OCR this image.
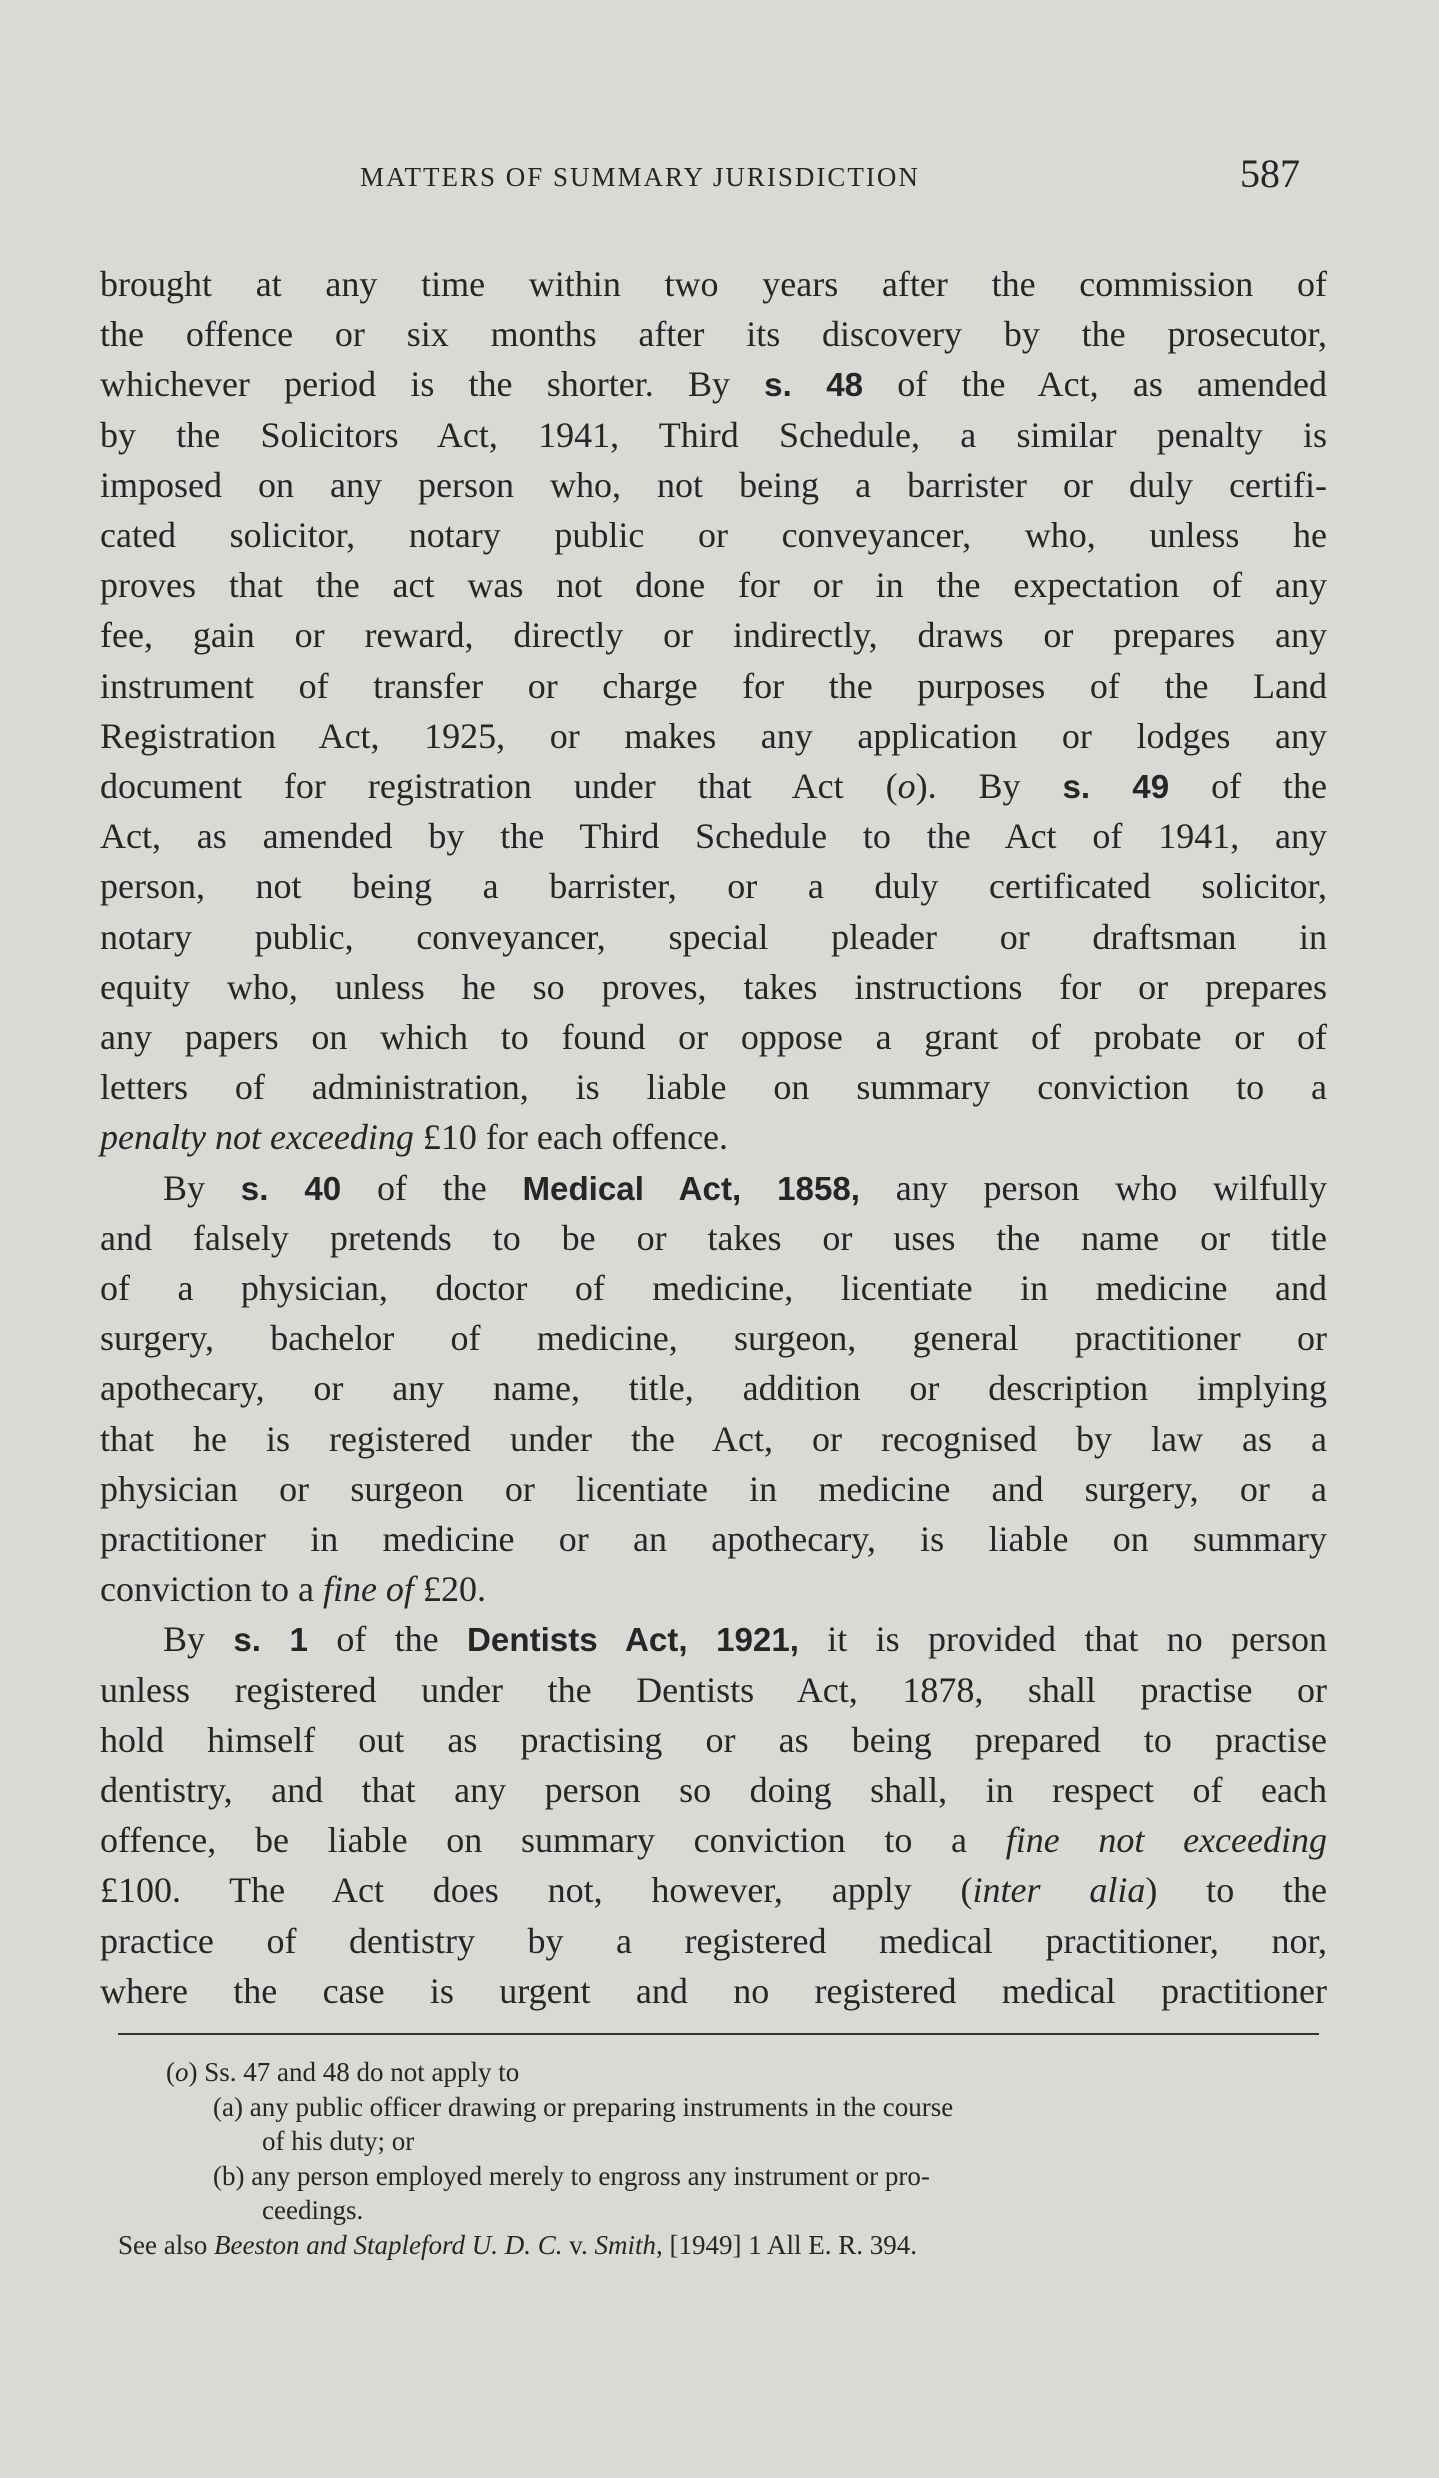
MATTERS OF SUMMARY JURISDICTION	587
brought at any time within two years after the commission of
the offence or six months after its discovery by the prosecutor,
whichever period is the shorter. By s. 48 of the Act, as amended
by the Solicitors Act, 1941, Third Schedule, a similar penalty is
imposed on any person who, not being a barrister or duly certifi-
cated solicitor, notary public or conveyancer, who, unless he
proves that the act was not done for or in the expectation of any
fee, gain or reward, directly or indirectly, draws or prepares any
instrument of transfer or charge for the purposes of the Land
Registration Act, 1925, or makes any application or lodges any
document for registration under that Act (o). By s. 49 of the
Act, as amended by the Third Schedule to the Act of 1941, any
person, not being a barrister, or a duly certificated solicitor,
notary public, conveyancer, special pleader or draftsman in
equity who, unless he so proves, takes instructions for or prepares
any papers on which to found or oppose a grant of probate or of
letters of administration, is liable on summary conviction to a
penalty not exceeding £10 for each offence.
By s. 40 of the Medical Act, 1858, any person who wilfully
and falsely pretends to be or takes or uses the name or title
of a physician, doctor of medicine, licentiate in medicine and
surgery, bachelor of medicine, surgeon, general practitioner or
apothecary, or any name, title, addition or description implying
that he is registered under the Act, or recognised by law as a
physician or surgeon or licentiate in medicine and surgery, or a
practitioner in medicine or an apothecary, is liable on summary
conviction to a fine of £20.
By s. 1 of the Dentists Act, 1921, it is provided that no person
unless registered under the Dentists Act, 1878, shall practise or
hold himself out as practising or as being prepared to practise
dentistry, and that any person so doing shall, in respect of each
offence, be liable on summary conviction to a fine not exceeding
£100. The Act does not, however, apply (inter alia) to the
practice of dentistry by a registered medical practitioner, nor,
where the case is urgent and no registered medical practitioner
(o) Ss. 47 and 48 do not apply to
(a) any public officer drawing or preparing instruments in the course
of his duty; or
(b) any person employed merely to engross any instrument or pro-
ceedings.
See also Beeston and Stapleford U. D. C. v. Smith, [1949] 1 All E. R. 394.
